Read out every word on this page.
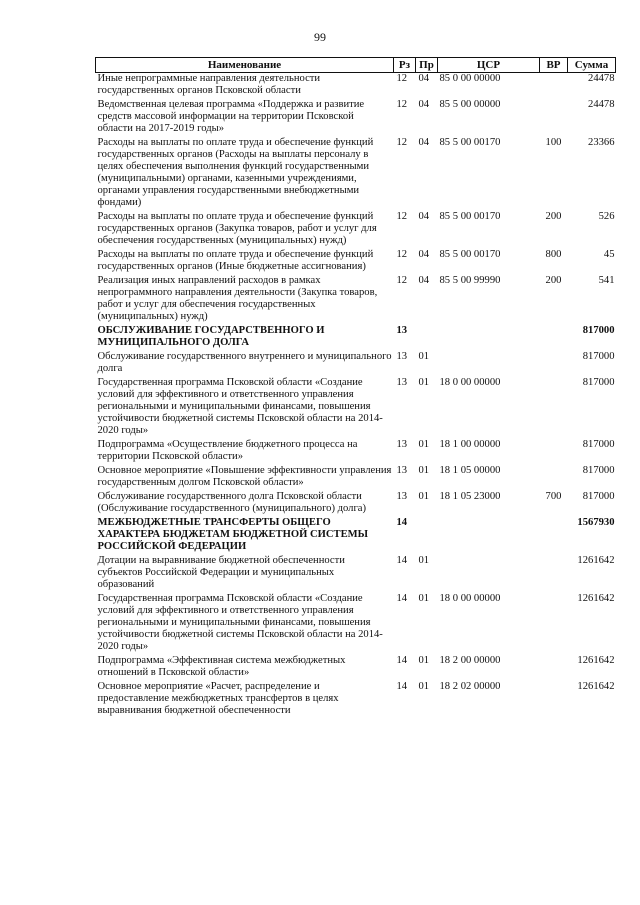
99
Наименование	Рз	Пр	ЦСР	ВР	Сумма
Иные непрограммные направления деятельности государственных органов Псковской области	12	04	85 0 00 00000		24478
Ведомственная целевая программа «Поддержка и развитие средств массовой информации на территории Псковской области на 2017-2019 годы»	12	04	85 5 00 00000		24478
Расходы на выплаты по оплате труда и обеспечение функций государственных органов (Расходы на выплаты персоналу в целях обеспечения выполнения функций государственными (муниципальными) органами, казенными учреждениями, органами управления государственными внебюджетными фондами)	12	04	85 5 00 00170	100	23366
Расходы на выплаты по оплате труда и обеспечение функций государственных органов (Закупка товаров, работ и услуг для обеспечения государственных (муниципальных) нужд)	12	04	85 5 00 00170	200	526
Расходы на выплаты по оплате труда и обеспечение функций государственных органов (Иные бюджетные ассигнования)	12	04	85 5 00 00170	800	45
Реализация иных направлений расходов в рамках непрограммного направления деятельности (Закупка товаров, работ и услуг для обеспечения государственных (муниципальных) нужд)	12	04	85 5 00 99990	200	541
ОБСЛУЖИВАНИЕ ГОСУДАРСТВЕННОГО И МУНИЦИПАЛЬНОГО ДОЛГА	13				817000
Обслуживание государственного внутреннего и муниципального долга	13	01			817000
Государственная программа Псковской области «Создание условий для эффективного и ответственного управления региональными и муниципальными финансами, повышения устойчивости бюджетной системы Псковской области на 2014-2020 годы»	13	01	18 0 00 00000		817000
Подпрограмма «Осуществление бюджетного процесса на территории Псковской области»	13	01	18 1 00 00000		817000
Основное мероприятие «Повышение эффективности управления государственным долгом Псковской области»	13	01	18 1 05 00000		817000
Обслуживание государственного долга Псковской области (Обслуживание государственного (муниципального) долга)	13	01	18 1 05 23000	700	817000
МЕЖБЮДЖЕТНЫЕ ТРАНСФЕРТЫ ОБЩЕГО ХАРАКТЕРА БЮДЖЕТАМ БЮДЖЕТНОЙ СИСТЕМЫ РОССИЙСКОЙ ФЕДЕРАЦИИ	14				1567930
Дотации на выравнивание бюджетной обеспеченности субъектов Российской Федерации и муниципальных образований	14	01			1261642
Государственная программа Псковской области «Создание условий для эффективного и ответственного управления региональными и муниципальными финансами, повышения устойчивости бюджетной системы Псковской области на 2014-2020 годы»	14	01	18 0 00 00000		1261642
Подпрограмма «Эффективная система межбюджетных отношений в Псковской области»	14	01	18 2 00 00000		1261642
Основное мероприятие «Расчет, распределение и предоставление межбюджетных трансфертов в целях выравнивания бюджетной обеспеченности	14	01	18 2 02 00000		1261642
